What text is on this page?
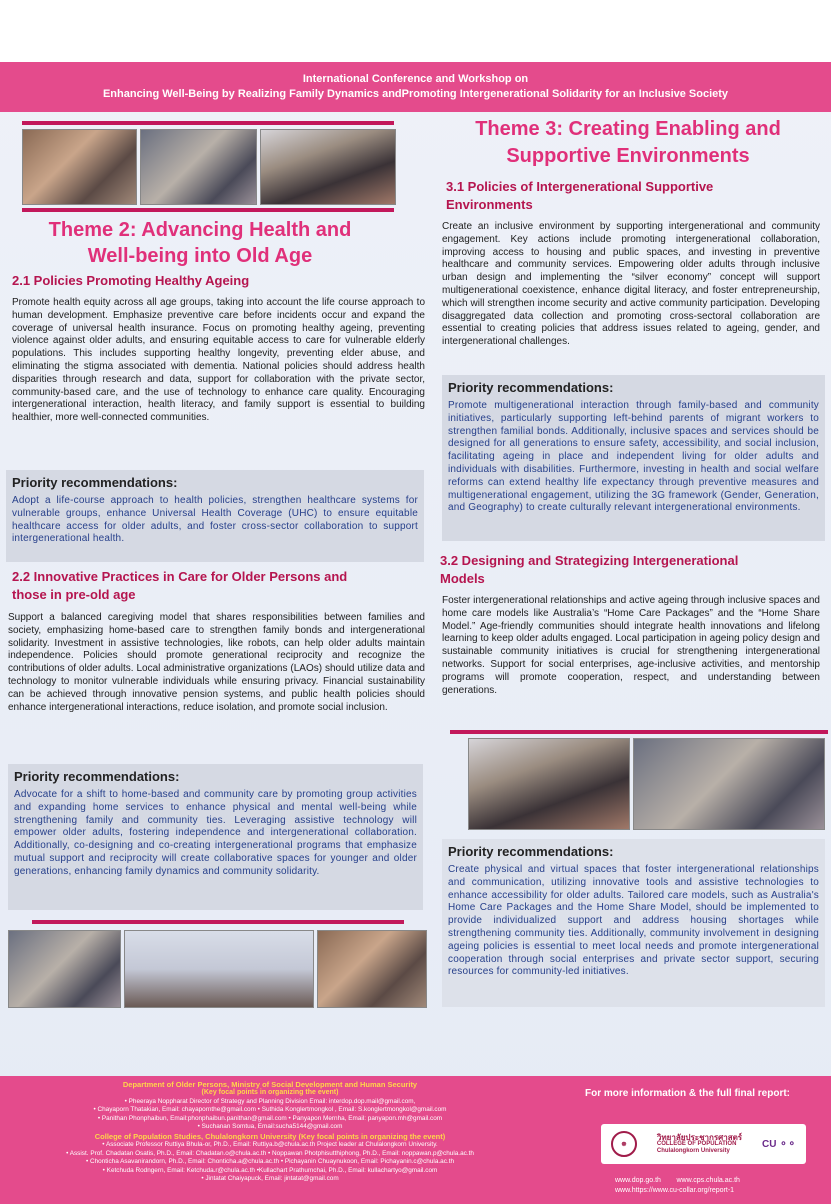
International Conference and Workshop on
Enhancing Well-Being by Realizing Family Dynamics andPromoting Intergenerational Solidarity for an Inclusive Society
Theme 2: Advancing Health and
Well-being into Old Age
2.1 Policies Promoting Healthy Ageing
Promote health equity across all age groups, taking into account the life course approach to human development. Emphasize preventive care before incidents occur and expand the coverage of universal health insurance. Focus on promoting healthy ageing, preventing violence against older adults, and ensuring equitable access to care for vulnerable elderly populations. This includes supporting healthy longevity, preventing elder abuse, and eliminating the stigma associated with dementia. National policies should address health disparities through research and data, support for collaboration with the private sector, community-based care, and the use of technology to enhance care quality. Encouraging intergenerational interaction, health literacy, and family support is essential to building healthier, more well-connected communities.
Priority recommendations:

Adopt a life-course approach to health policies, strengthen healthcare systems for vulnerable groups, enhance Universal Health Coverage (UHC) to ensure equitable healthcare access for older adults, and foster cross-sector collaboration to support intergenerational health.

2.2 Innovative Practices in Care for Older Persons and
those in pre-old age
Support a balanced caregiving model that shares responsibilities between families and society, emphasizing home-based care to strengthen family bonds and intergenerational solidarity. Investment in assistive technologies, like robots, can help older adults maintain independence. Policies should promote generational reciprocity and recognize the contributions of older adults. Local administrative organizations (LAOs) should utilize data and technology to monitor vulnerable individuals while ensuring privacy. Financial sustainability can be achieved through innovative pension systems, and public health policies should enhance intergenerational interactions, reduce isolation, and promote social inclusion.
Priority recommendations:

Advocate for a shift to home-based and community care by promoting group activities and expanding home services to enhance physical and mental well-being while strengthening family and community ties. Leveraging assistive technology will empower older adults, fostering independence and intergenerational collaboration. Additionally, co-designing and co-creating intergenerational programs that emphasize mutual support and reciprocity will create collaborative spaces for younger and older generations, enhancing family dynamics and community solidarity.

Theme 3: Creating Enabling and
Supportive Environments
3.1 Policies of Intergenerational Supportive
Environments
Create an inclusive environment by supporting intergenerational and community engagement. Key actions include promoting intergenerational collaboration, improving access to housing and public spaces, and investing in preventive healthcare and community services. Empowering older adults through inclusive urban design and implementing the “silver economy” concept will support multigenerational coexistence, enhance digital literacy, and foster entrepreneurship, which will strengthen income security and active community participation. Developing disaggregated data collection and promoting cross-sectoral collaboration are essential to creating policies that address issues related to ageing, gender, and intergenerational challenges.
Priority recommendations:

Promote multigenerational interaction through family-based and community initiatives, particularly supporting left-behind parents of migrant workers to strengthen familial bonds. Additionally, inclusive spaces and services should be designed for all generations to ensure safety, accessibility, and social inclusion, facilitating ageing in place and independent living for older adults and individuals with disabilities. Furthermore, investing in health and social welfare reforms can extend healthy life expectancy through preventive measures and multigenerational engagement, utilizing the 3G framework (Gender, Generation, and Geography) to create culturally relevant intergenerational environments.

3.2 Designing and Strategizing Intergenerational
Models
Foster intergenerational relationships and active ageing through inclusive spaces and home care models like Australia’s “Home Care Packages” and the “Home Share Model.” Age-friendly communities should integrate health innovations and lifelong learning to keep older adults engaged. Local participation in ageing policy design and sustainable community initiatives is crucial for strengthening intergenerational networks. Support for social enterprises, age-inclusive activities, and mentorship programs will promote cooperation, respect, and understanding between generations.
Priority recommendations:

Create physical and virtual spaces that foster intergenerational relationships and communication, utilizing innovative tools and assistive technologies to enhance accessibility for older adults. Tailored care models, such as Australia's Home Care Packages and the Home Share Model, should be implemented to provide individualized support and address housing shortages while strengthening community ties. Additionally, community involvement in designing ageing policies is essential to meet local needs and promote intergenerational cooperation through social enterprises and private sector support, securing resources for community-led initiatives.

Department of Older Persons, Ministry of Social Development and Human Security
(Key focal points in organizing the event)
• Pheeraya Noppharat Director of Strategy and Planning Division Email: interdop.dop.mail@gmail.com,
• Chayaporn Thatakian, Email: chayapornthe@gmail.com • Suthida Konglertmongkol , Email: S.konglertmongkol@gmail.com
• Panithan Phonphaibun, Email:phonphaibun.panithan@gmail.com • Panyapon Mernha, Email: panyapon.mh@gmail.com
• Suchanan Somtua, Email:sucha5144@gmail.com
College of Population Studies, Chulalongkorn University (Key focal points in organizing the event)
• Associate Professor Ruttiya Bhula-or, Ph.D., Email: Ruttiya.b@chula.ac.th Project leader at Chulalongkorn University.
• Assist. Prof. Chadatan Osatis, Ph.D., Email: Chadatan.o@chula.ac.th • Noppawan Photphisutthiphong, Ph.D., Email: noppawan.p@chula.ac.th
• Chonticha Asavanirandorn, Ph.D., Email: Chonticha.a@chula.ac.th • Pichayanin Chuaynukoon, Email: Pichayanin.c@chula.ac.th
• Ketchuda Rodngern, Email: Ketchuda.r@chula.ac.th •Kullachart Prathumchai, Ph.D., Email: kullachartyo@gmail.com
• Jintatat Chaiyapuck, Email: jintatat@gmail.com
For more information & the full final report:
☸
วิทยาลัยประชากรศาสตร์
COLLEGE OF POPULATION
Chulalongkorn University
CU ⚬⚬
www.dop.go.th www.cps.chula.ac.th
www.https://www.cu-collar.org/report-1
